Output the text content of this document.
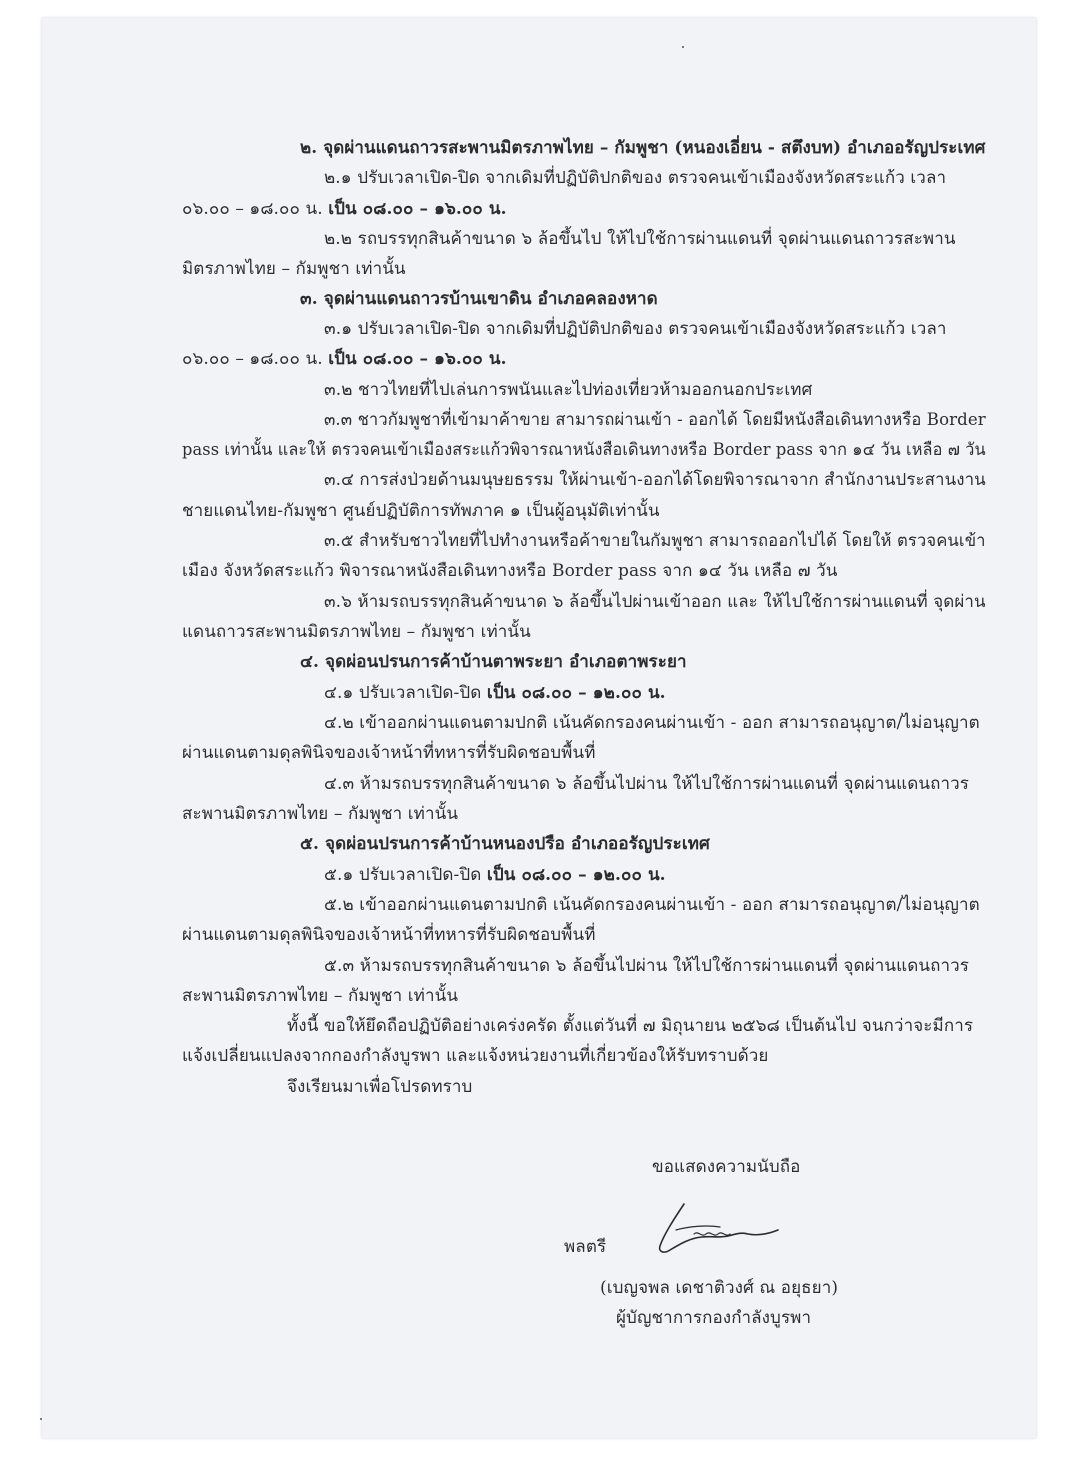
๒. จุดผ่านแดนถาวรสะพานมิตรภาพไทย – กัมพูชา (หนองเอี่ยน - สตึงบท) อำเภออรัญประเทศ
๒.๑ ปรับเวลาเปิด-ปิด จากเดิมที่ปฏิบัติปกติของ ตรวจคนเข้าเมืองจังหวัดสระแก้ว เวลา
๐๖.๐๐ – ๑๘.๐๐ น. เป็น ๐๘.๐๐ – ๑๖.๐๐ น.
๒.๒ รถบรรทุกสินค้าขนาด ๖ ล้อขึ้นไป ให้ไปใช้การผ่านแดนที่ จุดผ่านแดนถาวรสะพาน
มิตรภาพไทย – กัมพูชา เท่านั้น
๓. จุดผ่านแดนถาวรบ้านเขาดิน อำเภอคลองหาด
๓.๑ ปรับเวลาเปิด-ปิด จากเดิมที่ปฏิบัติปกติของ ตรวจคนเข้าเมืองจังหวัดสระแก้ว เวลา
๐๖.๐๐ – ๑๘.๐๐ น. เป็น ๐๘.๐๐ – ๑๖.๐๐ น.
๓.๒ ชาวไทยที่ไปเล่นการพนันและไปท่องเที่ยวห้ามออกนอกประเทศ
๓.๓ ชาวกัมพูชาที่เข้ามาค้าขาย สามารถผ่านเข้า - ออกได้ โดยมีหนังสือเดินทางหรือ Border
pass เท่านั้น และให้ ตรวจคนเข้าเมืองสระแก้วพิจารณาหนังสือเดินทางหรือ Border pass จาก ๑๔ วัน เหลือ ๗ วัน
๓.๔ การส่งป่วยด้านมนุษยธรรม ให้ผ่านเข้า-ออกได้โดยพิจารณาจาก สำนักงานประสานงาน
ชายแดนไทย-กัมพูชา ศูนย์ปฏิบัติการทัพภาค ๑ เป็นผู้อนุมัติเท่านั้น
๓.๕ สำหรับชาวไทยที่ไปทำงานหรือค้าขายในกัมพูชา สามารถออกไปได้ โดยให้ ตรวจคนเข้า
เมือง จังหวัดสระแก้ว พิจารณาหนังสือเดินทางหรือ Border pass จาก ๑๔ วัน เหลือ ๗ วัน
๓.๖ ห้ามรถบรรทุกสินค้าขนาด ๖ ล้อขึ้นไปผ่านเข้าออก และ ให้ไปใช้การผ่านแดนที่ จุดผ่าน
แดนถาวรสะพานมิตรภาพไทย – กัมพูชา เท่านั้น
๔. จุดผ่อนปรนการค้าบ้านตาพระยา อำเภอตาพระยา
๔.๑ ปรับเวลาเปิด-ปิด เป็น ๐๘.๐๐ – ๑๒.๐๐ น.
๔.๒ เข้าออกผ่านแดนตามปกติ เน้นคัดกรองคนผ่านเข้า - ออก สามารถอนุญาต/ไม่อนุญาต
ผ่านแดนตามดุลพินิจของเจ้าหน้าที่ทหารที่รับผิดชอบพื้นที่
๔.๓ ห้ามรถบรรทุกสินค้าขนาด ๖ ล้อขึ้นไปผ่าน ให้ไปใช้การผ่านแดนที่ จุดผ่านแดนถาวร
สะพานมิตรภาพไทย – กัมพูชา เท่านั้น
๕. จุดผ่อนปรนการค้าบ้านหนองปรือ อำเภออรัญประเทศ
๕.๑ ปรับเวลาเปิด-ปิด เป็น ๐๘.๐๐ – ๑๒.๐๐ น.
๕.๒ เข้าออกผ่านแดนตามปกติ เน้นคัดกรองคนผ่านเข้า - ออก สามารถอนุญาต/ไม่อนุญาต
ผ่านแดนตามดุลพินิจของเจ้าหน้าที่ทหารที่รับผิดชอบพื้นที่
๕.๓ ห้ามรถบรรทุกสินค้าขนาด ๖ ล้อขึ้นไปผ่าน ให้ไปใช้การผ่านแดนที่ จุดผ่านแดนถาวร
สะพานมิตรภาพไทย – กัมพูชา เท่านั้น
ทั้งนี้ ขอให้ยึดถือปฏิบัติอย่างเคร่งครัด ตั้งแต่วันที่ ๗ มิถุนายน ๒๕๖๘ เป็นต้นไป จนกว่าจะมีการ
แจ้งเปลี่ยนแปลงจากกองกำลังบูรพา และแจ้งหน่วยงานที่เกี่ยวข้องให้รับทราบด้วย
จึงเรียนมาเพื่อโปรดทราบ
ขอแสดงความนับถือ
พลตรี
(เบญจพล เดชาติวงศ์ ณ อยุธยา)
ผู้บัญชาการกองกำลังบูรพา
